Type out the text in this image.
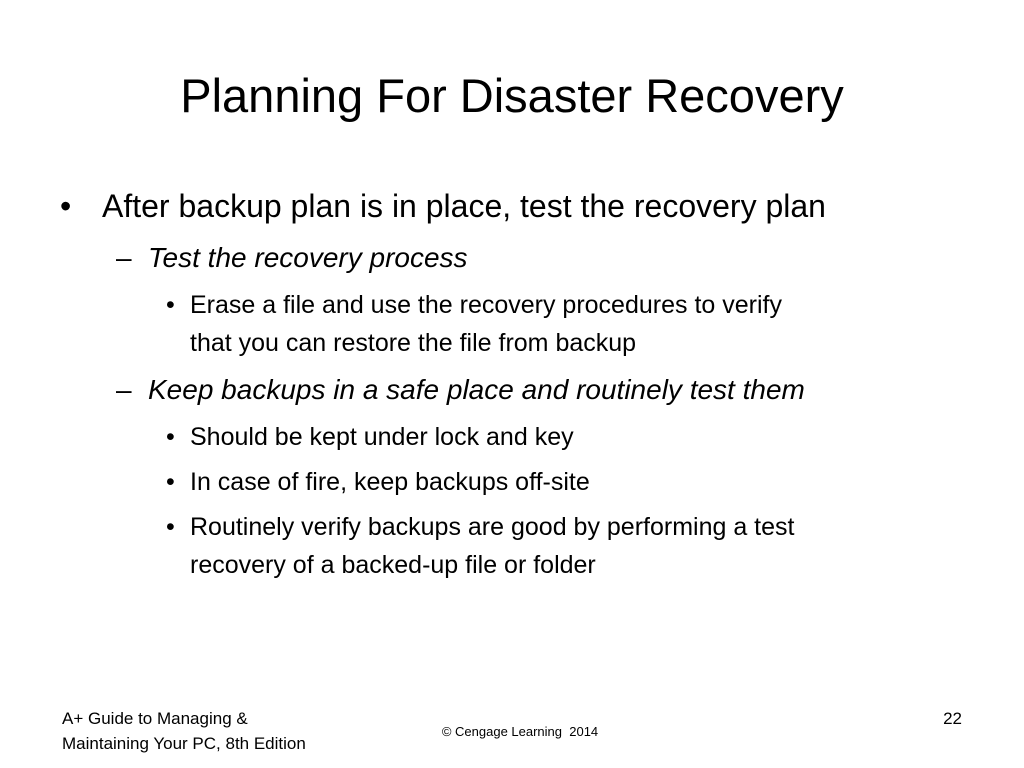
Planning For Disaster Recovery
• After backup plan is in place, test the recovery plan
– Test the recovery process
• Erase a file and use the recovery procedures to verify
that you can restore the file from backup
– Keep backups in a safe place and routinely test them
• Should be kept under lock and key
• In case of fire, keep backups off-site
• Routinely verify backups are good by performing a test
recovery of a backed-up file or folder
A+ Guide to Managing &
Maintaining Your PC, 8th Edition
© Cengage Learning  2014
22
